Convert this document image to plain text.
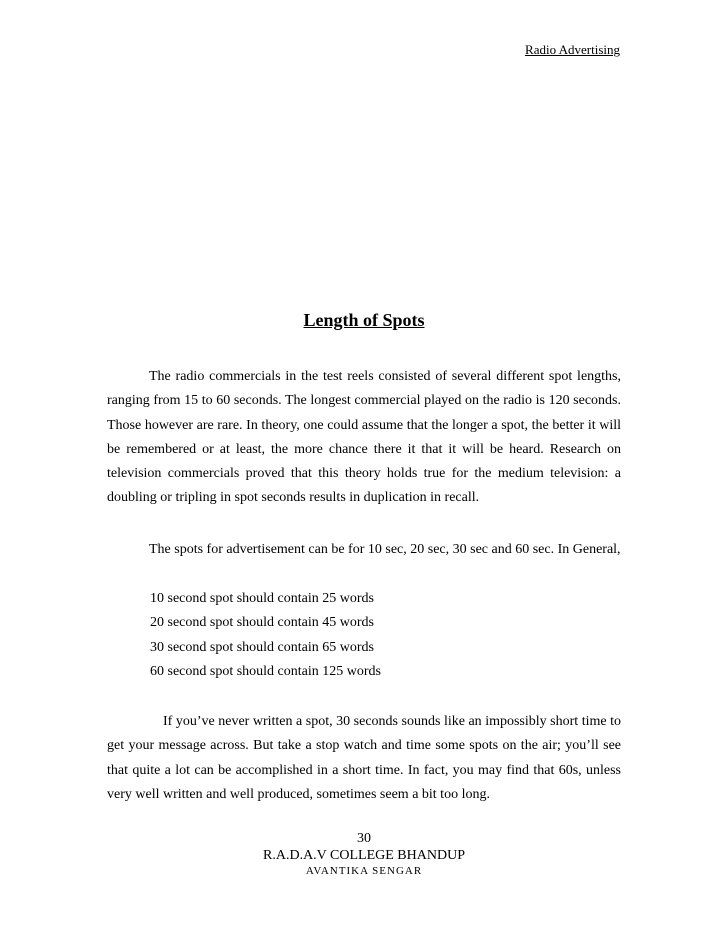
Radio Advertising
Length of Spots
The radio commercials in the test reels consisted of several different spot lengths, ranging from 15 to 60 seconds. The longest commercial played on the radio is 120 seconds. Those however are rare. In theory, one could assume that the longer a spot, the better it will be remembered or at least, the more chance there it that it will be heard. Research on television commercials proved that this theory holds true for the medium television: a doubling or tripling in spot seconds results in duplication in recall.
The spots for advertisement can be for 10 sec, 20 sec, 30 sec and 60 sec. In General,
10 second spot should contain 25 words
20 second spot should contain 45 words
30 second spot should contain 65 words
60 second spot should contain 125 words
If you’ve never written a spot, 30 seconds sounds like an impossibly short time to get your message across. But take a stop watch and time some spots on the air; you’ll see that quite a lot can be accomplished in a short time. In fact, you may find that 60s, unless very well written and well produced, sometimes seem a bit too long.
30
R.A.D.A.V COLLEGE BHANDUP
AVANTIKA SENGAR
